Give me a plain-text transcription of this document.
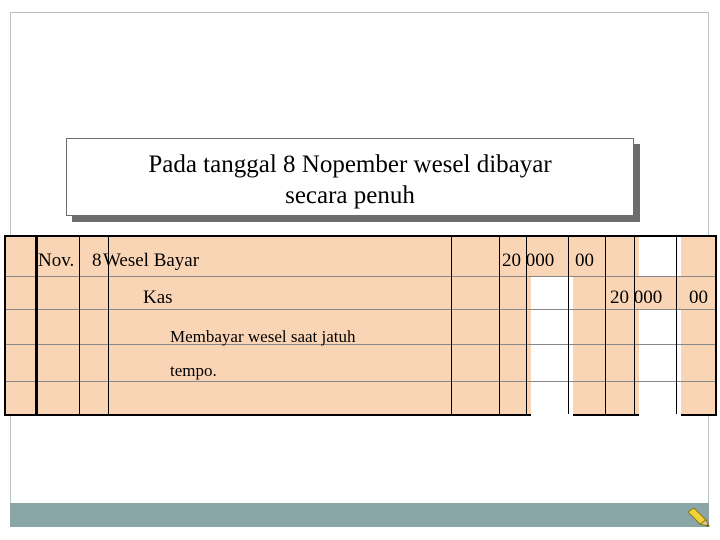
Pada tanggal 8 Nopember wesel dibayar
secara penuh
Nov. 8 Wesel Bayar
Kas
Membayar wesel saat jatuh
tempo.
20 000 00
20 000 00
